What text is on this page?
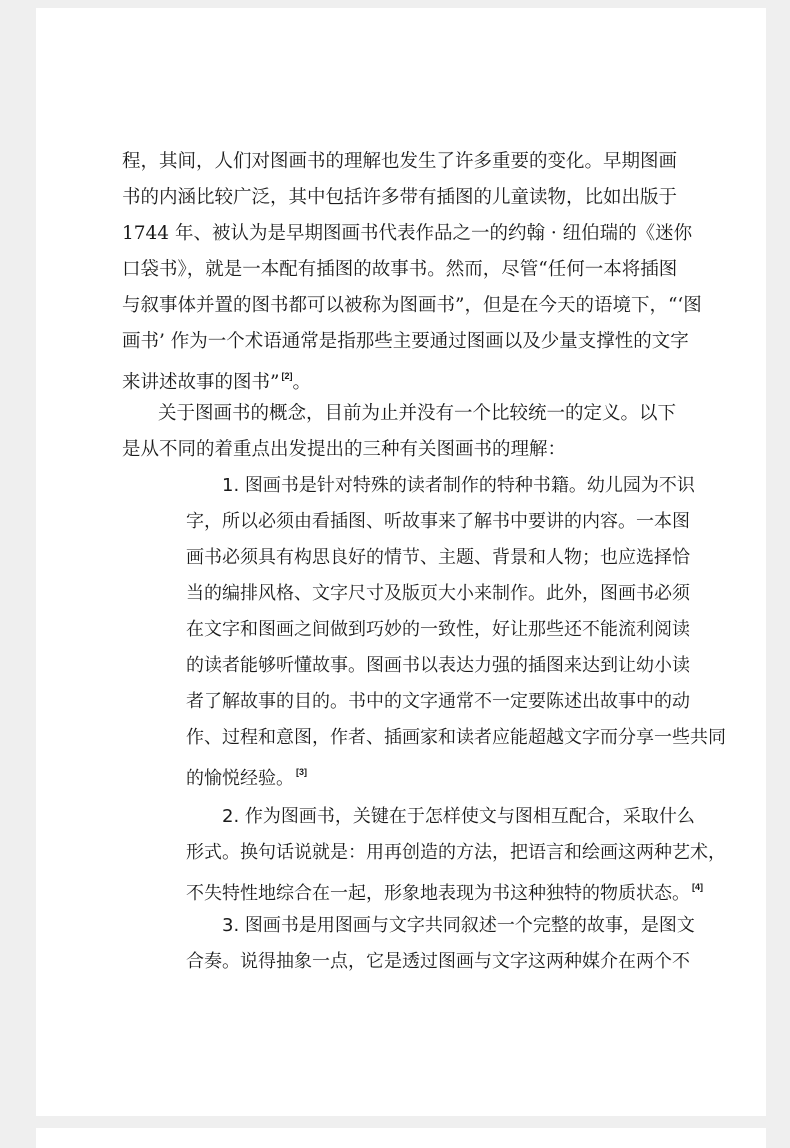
程，其间，人们对图画书的理解也发生了许多重要的变化。早期图画
书的内涵比较广泛，其中包括许多带有插图的儿童读物，比如出版于
1744 年、被认为是早期图画书代表作品之一的约翰 · 纽伯瑞的《迷你
口袋书》，就是一本配有插图的故事书。然而，尽管“任何一本将插图
与叙事体并置的图书都可以被称为图画书”，但是在今天的语境下，“‘图
画书’ 作为一个术语通常是指那些主要通过图画以及少量支撑性的文字
来讲述故事的图书” [2]。
关于图画书的概念，目前为止并没有一个比较统一的定义。以下
是从不同的着重点出发提出的三种有关图画书的理解：
1. 图画书是针对特殊的读者制作的特种书籍。幼儿园为不识
字，所以必须由看插图、听故事来了解书中要讲的内容。一本图
画书必须具有构思良好的情节、主题、背景和人物；也应选择恰
当的编排风格、文字尺寸及版页大小来制作。此外，图画书必须
在文字和图画之间做到巧妙的一致性，好让那些还不能流利阅读
的读者能够听懂故事。图画书以表达力强的插图来达到让幼小读
者了解故事的目的。书中的文字通常不一定要陈述出故事中的动
作、过程和意图，作者、插画家和读者应能超越文字而分享一些共同
的愉悦经验。 [3]
2. 作为图画书，关键在于怎样使文与图相互配合，采取什么
形式。换句话说就是：用再创造的方法，把语言和绘画这两种艺术，
不失特性地综合在一起，形象地表现为书这种独特的物质状态。 [4]
3. 图画书是用图画与文字共同叙述一个完整的故事，是图文
合奏。说得抽象一点，它是透过图画与文字这两种媒介在两个不
